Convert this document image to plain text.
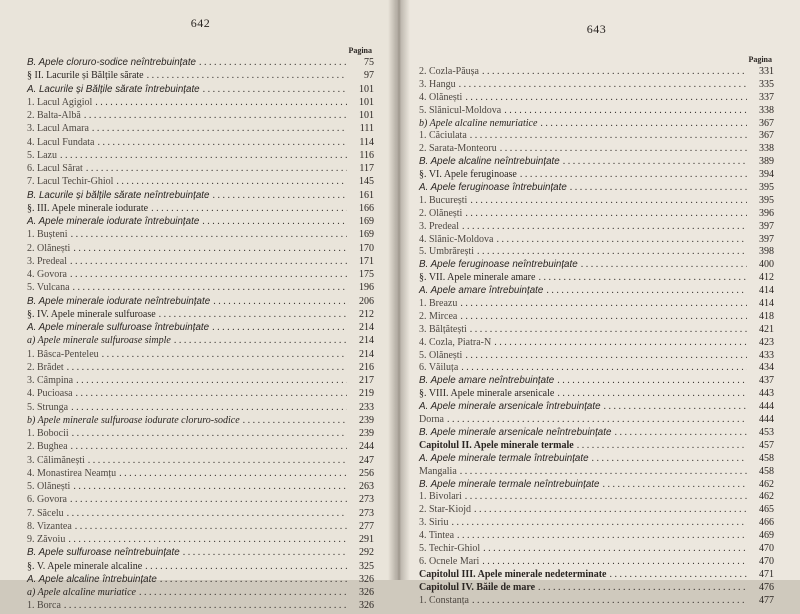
642
Pagina
B. Apele cloruro-sodice neîntrebuințate . . .	75
§ II. Lacurile și Bălțile sărate . . .	97
A. Lacurile și Bălțile sărate întrebuințate . . .	101
1. Lacul Agigiol . . .	101
2. Balta-Albă . . .	101
3. Lacul Amara . . .	111
4. Lacul Fundata . . .	114
5. Lazu . . .	116
6. Lacul Sărat . . .	117
7. Lacul Techir-Ghiol . . .	145
B. Lacurile și bălțile sărate neîntrebuințate . . .	161
§. III. Apele minerale iodurate . . .	166
A. Apele minerale iodurate întrebuințate . . .	169
1. Bușteni . . .	169
2. Olănești . . .	170
3. Predeal . . .	171
4. Govora . . .	175
5. Vulcana . . .	196
B. Apele minerale iodurate neîntrebuințate . . .	206
§. IV. Apele minerale sulfuroase . . .	212
A. Apele minerale sulfuroase întrebuințate . . .	214
a) Apele minerale sulfuroase simple . . .	214
1. Bâsca-Penteleu . . .	214
2. Brădet . . .	216
3. Câmpina . . .	217
4. Pucioasa . . .	219
5. Strunga . . .	233
b) Apele minerale sulfuroase iodurate cloruro-sodice . . .	239
1. Bobocii . . .	239
2. Bughea . . .	244
3. Călimănești . . .	247
4. Monastirea Neamțu . . .	256
5. Olănești . . .	263
6. Govora . . .	273
7. Săcelu . . .	273
8. Vizantea . . .	277
9. Zăvoiu . . .	291
B. Apele sulfuroase neîntrebuințate . . .	292
§. V. Apele minerale alcaline . . .	325
A. Apele alcaline întrebuințate . . .	326
a) Apele alcaline muriatice . . .	326
1. Borca . . .	326
643
Pagina
2. Cozla-Păușa . . .	331
3. Hangu . . .	335
4. Olănești . . .	337
5. Slănicul-Moldova . . .	338
b) Apele alcaline nemuriatice . . .	367
1. Căciulata . . .	367
2. Sarata-Monteoru . . .	338
B. Apele alcaline neîntrebuințate . . .	389
§. VI. Apele feruginoase . . .	394
A. Apele feruginoase întrebuințate . . .	395
1. București . . .	395
2. Olănești . . .	396
3. Predeal . . .	397
4. Slănic-Moldova . . .	397
5. Umbrărești . . .	398
B. Apele feruginoase neîntrebuințate . . .	400
§. VII. Apele minerale amare . . .	412
A. Apele amare întrebuințate . . .	414
1. Breazu . . .	414
2. Mircea . . .	418
3. Bălțătești . . .	421
4. Cozla, Piatra-N . . .	423
5. Olănești . . .	433
6. Văiluța . . .	434
B. Apele amare neîntrebuințate . . .	437
§. VIII. Apele minerale arsenicale . . .	443
A. Apele minerale arsenicale întrebuințate . . .	444
Dorna . . .	444
B. Apele minerale arsenicale neîntrebuințate . . .	453
Capitolul II. Apele minerale termale . . .	457
A. Apele minerale termale întrebuințate . . .	458
Mangalia . . .	458
B. Apele minerale termale neîntrebuințate . . .	462
1. Bivolari . . .	462
2. Star-Kiojd . . .	465
3. Siriu . . .	466
4. Tintea . . .	469
5. Techir-Ghiol . . .	470
6. Ocnele Mari . . .	470
Capitolul III. Apele minerale nedeterminate . . .	471
Capitolul IV. Băile de mare . . .	476
1. Constanța . . .	477
